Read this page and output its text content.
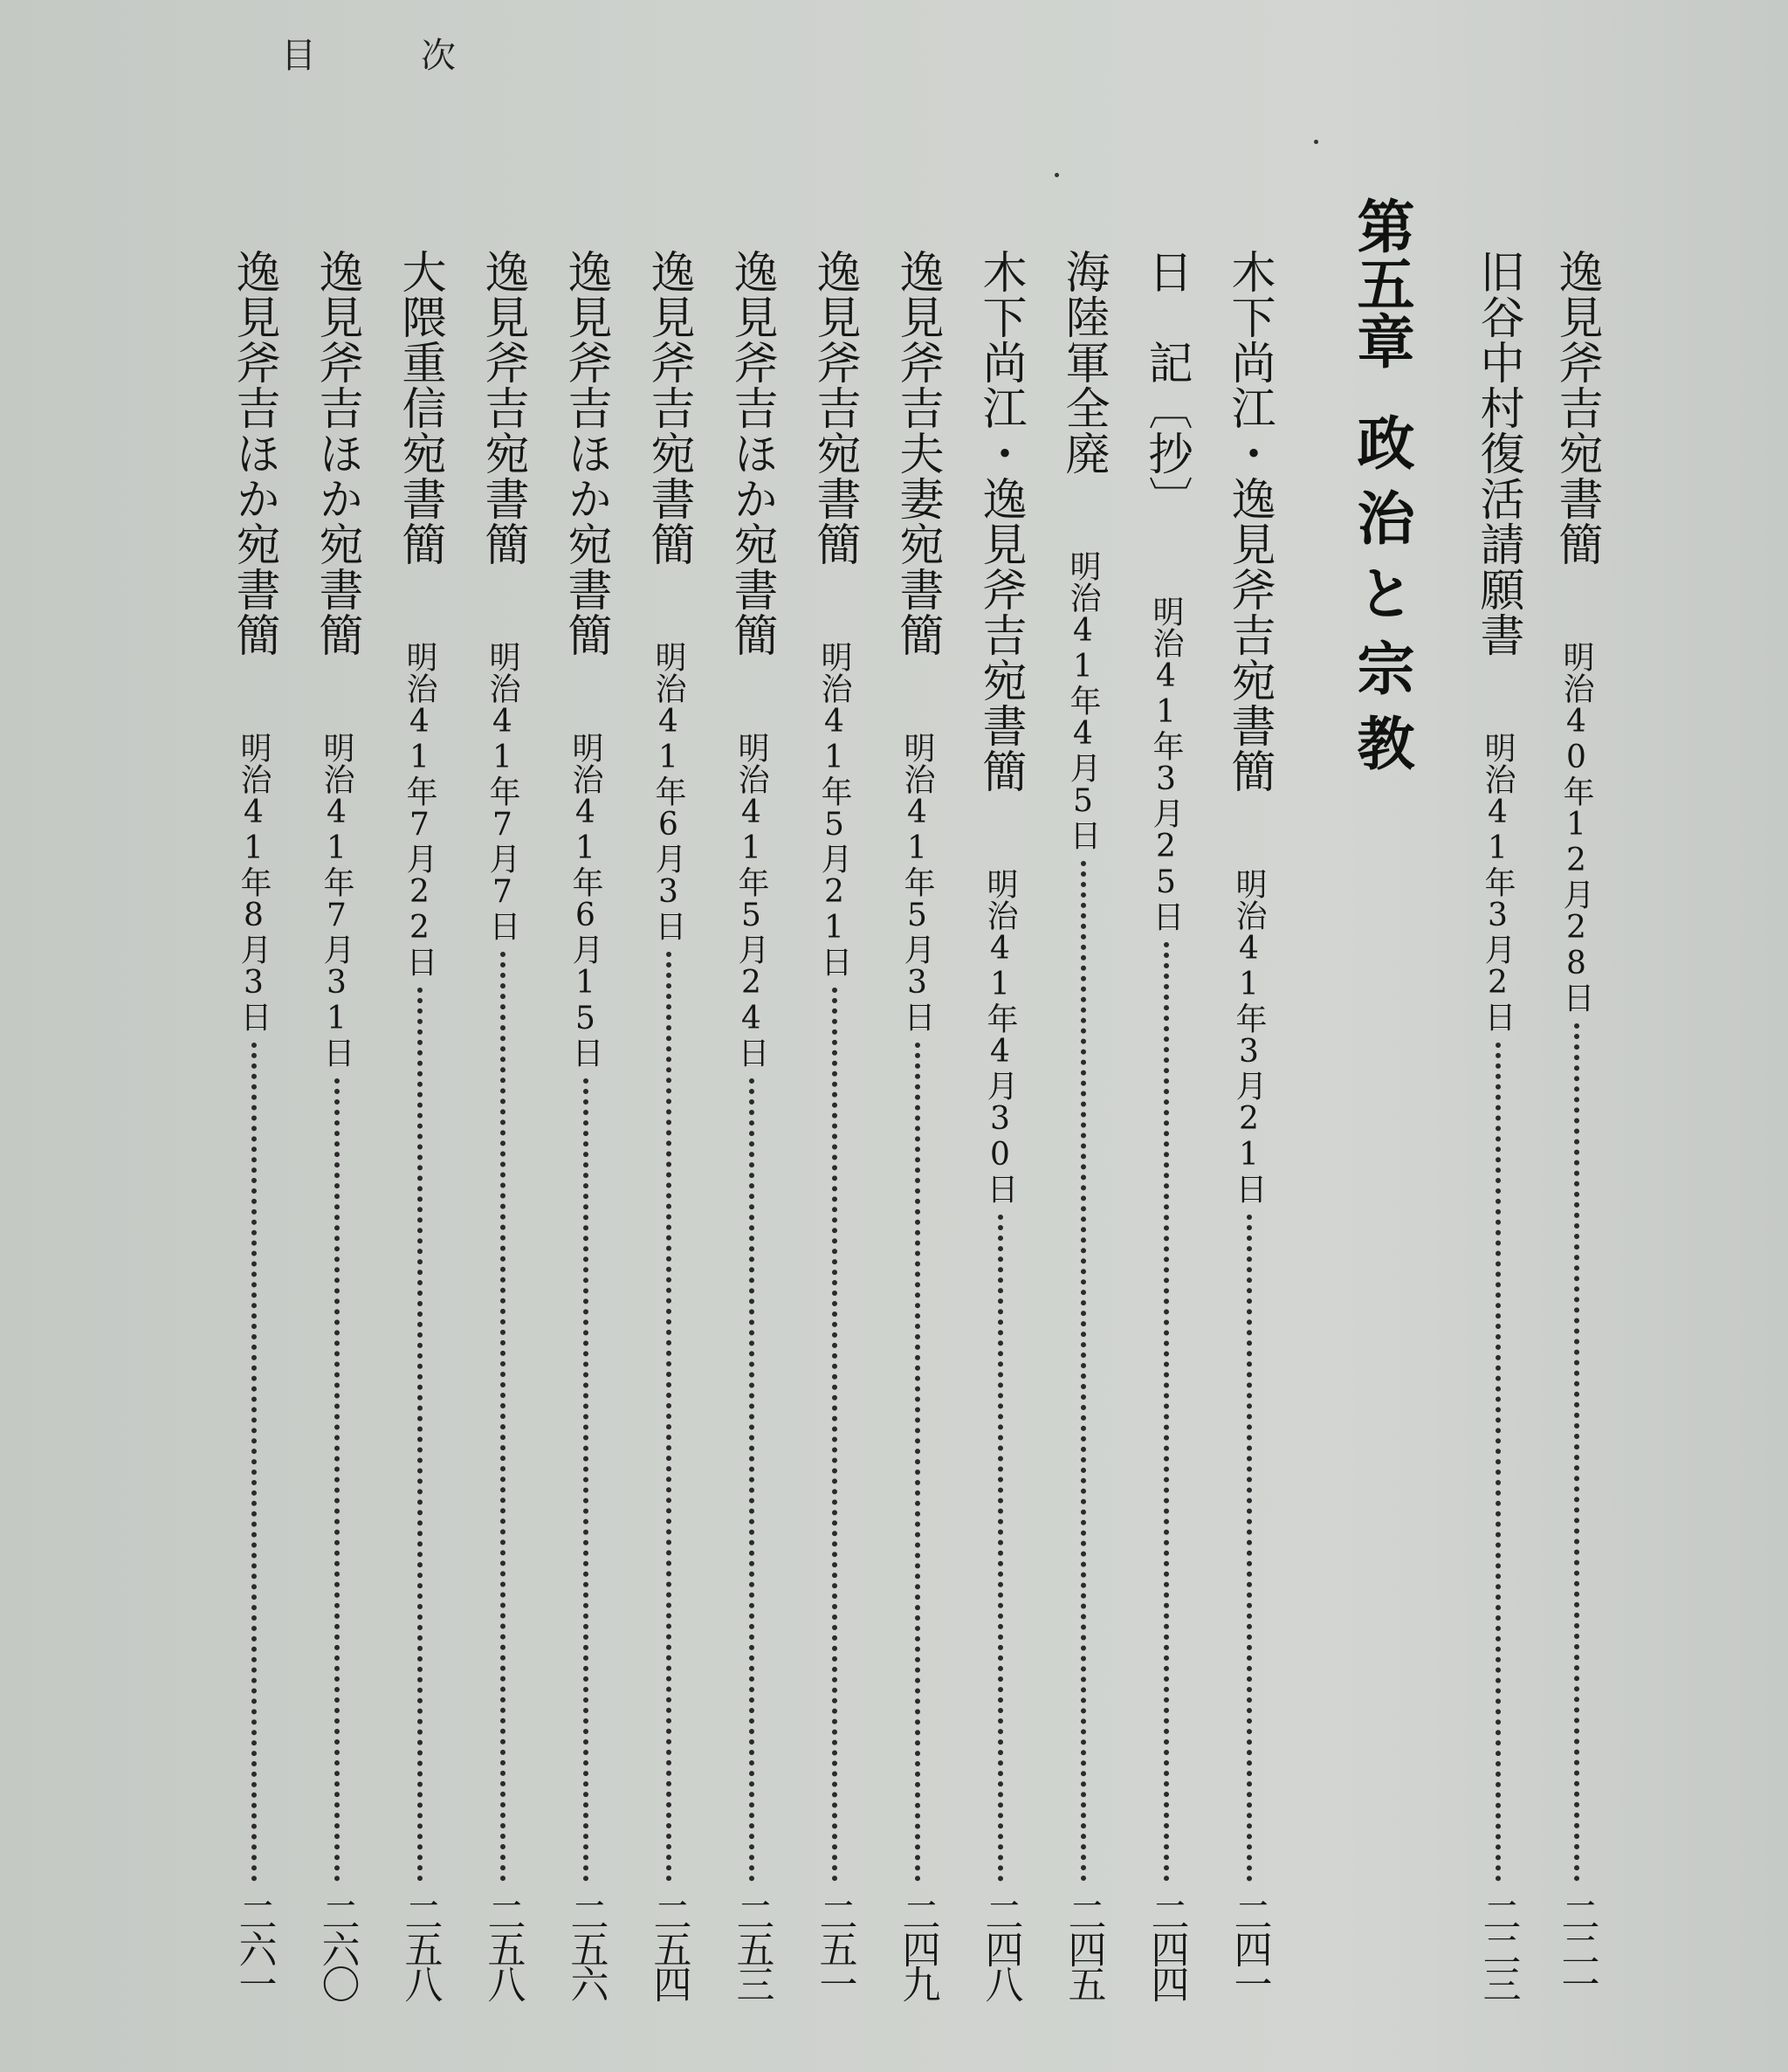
目次
逸見斧吉宛書簡 明治40年12月28日
二二一
旧谷中村復活請願書 明治41年3月2日
二二三
第五章政治と宗教
木下尚江・逸見斧吉宛書簡 明治41年3月21日
二四一
日　記〔抄〕 明治41年3月25日
二四四
海陸軍全廃 明治41年4月5日
二四五
木下尚江・逸見斧吉宛書簡 明治41年4月30日
二四八
逸見斧吉夫妻宛書簡 明治41年5月3日
二四九
逸見斧吉宛書簡 明治41年5月21日
二五一
逸見斧吉ほか宛書簡 明治41年5月24日
二五三
逸見斧吉宛書簡 明治41年6月3日
二五四
逸見斧吉ほか宛書簡 明治41年6月15日
二五六
逸見斧吉宛書簡 明治41年7月7日
二五八
大隈重信宛書簡 明治41年7月22日
二五八
逸見斧吉ほか宛書簡 明治41年7月31日
二六〇
逸見斧吉ほか宛書簡 明治41年8月3日
二六一
